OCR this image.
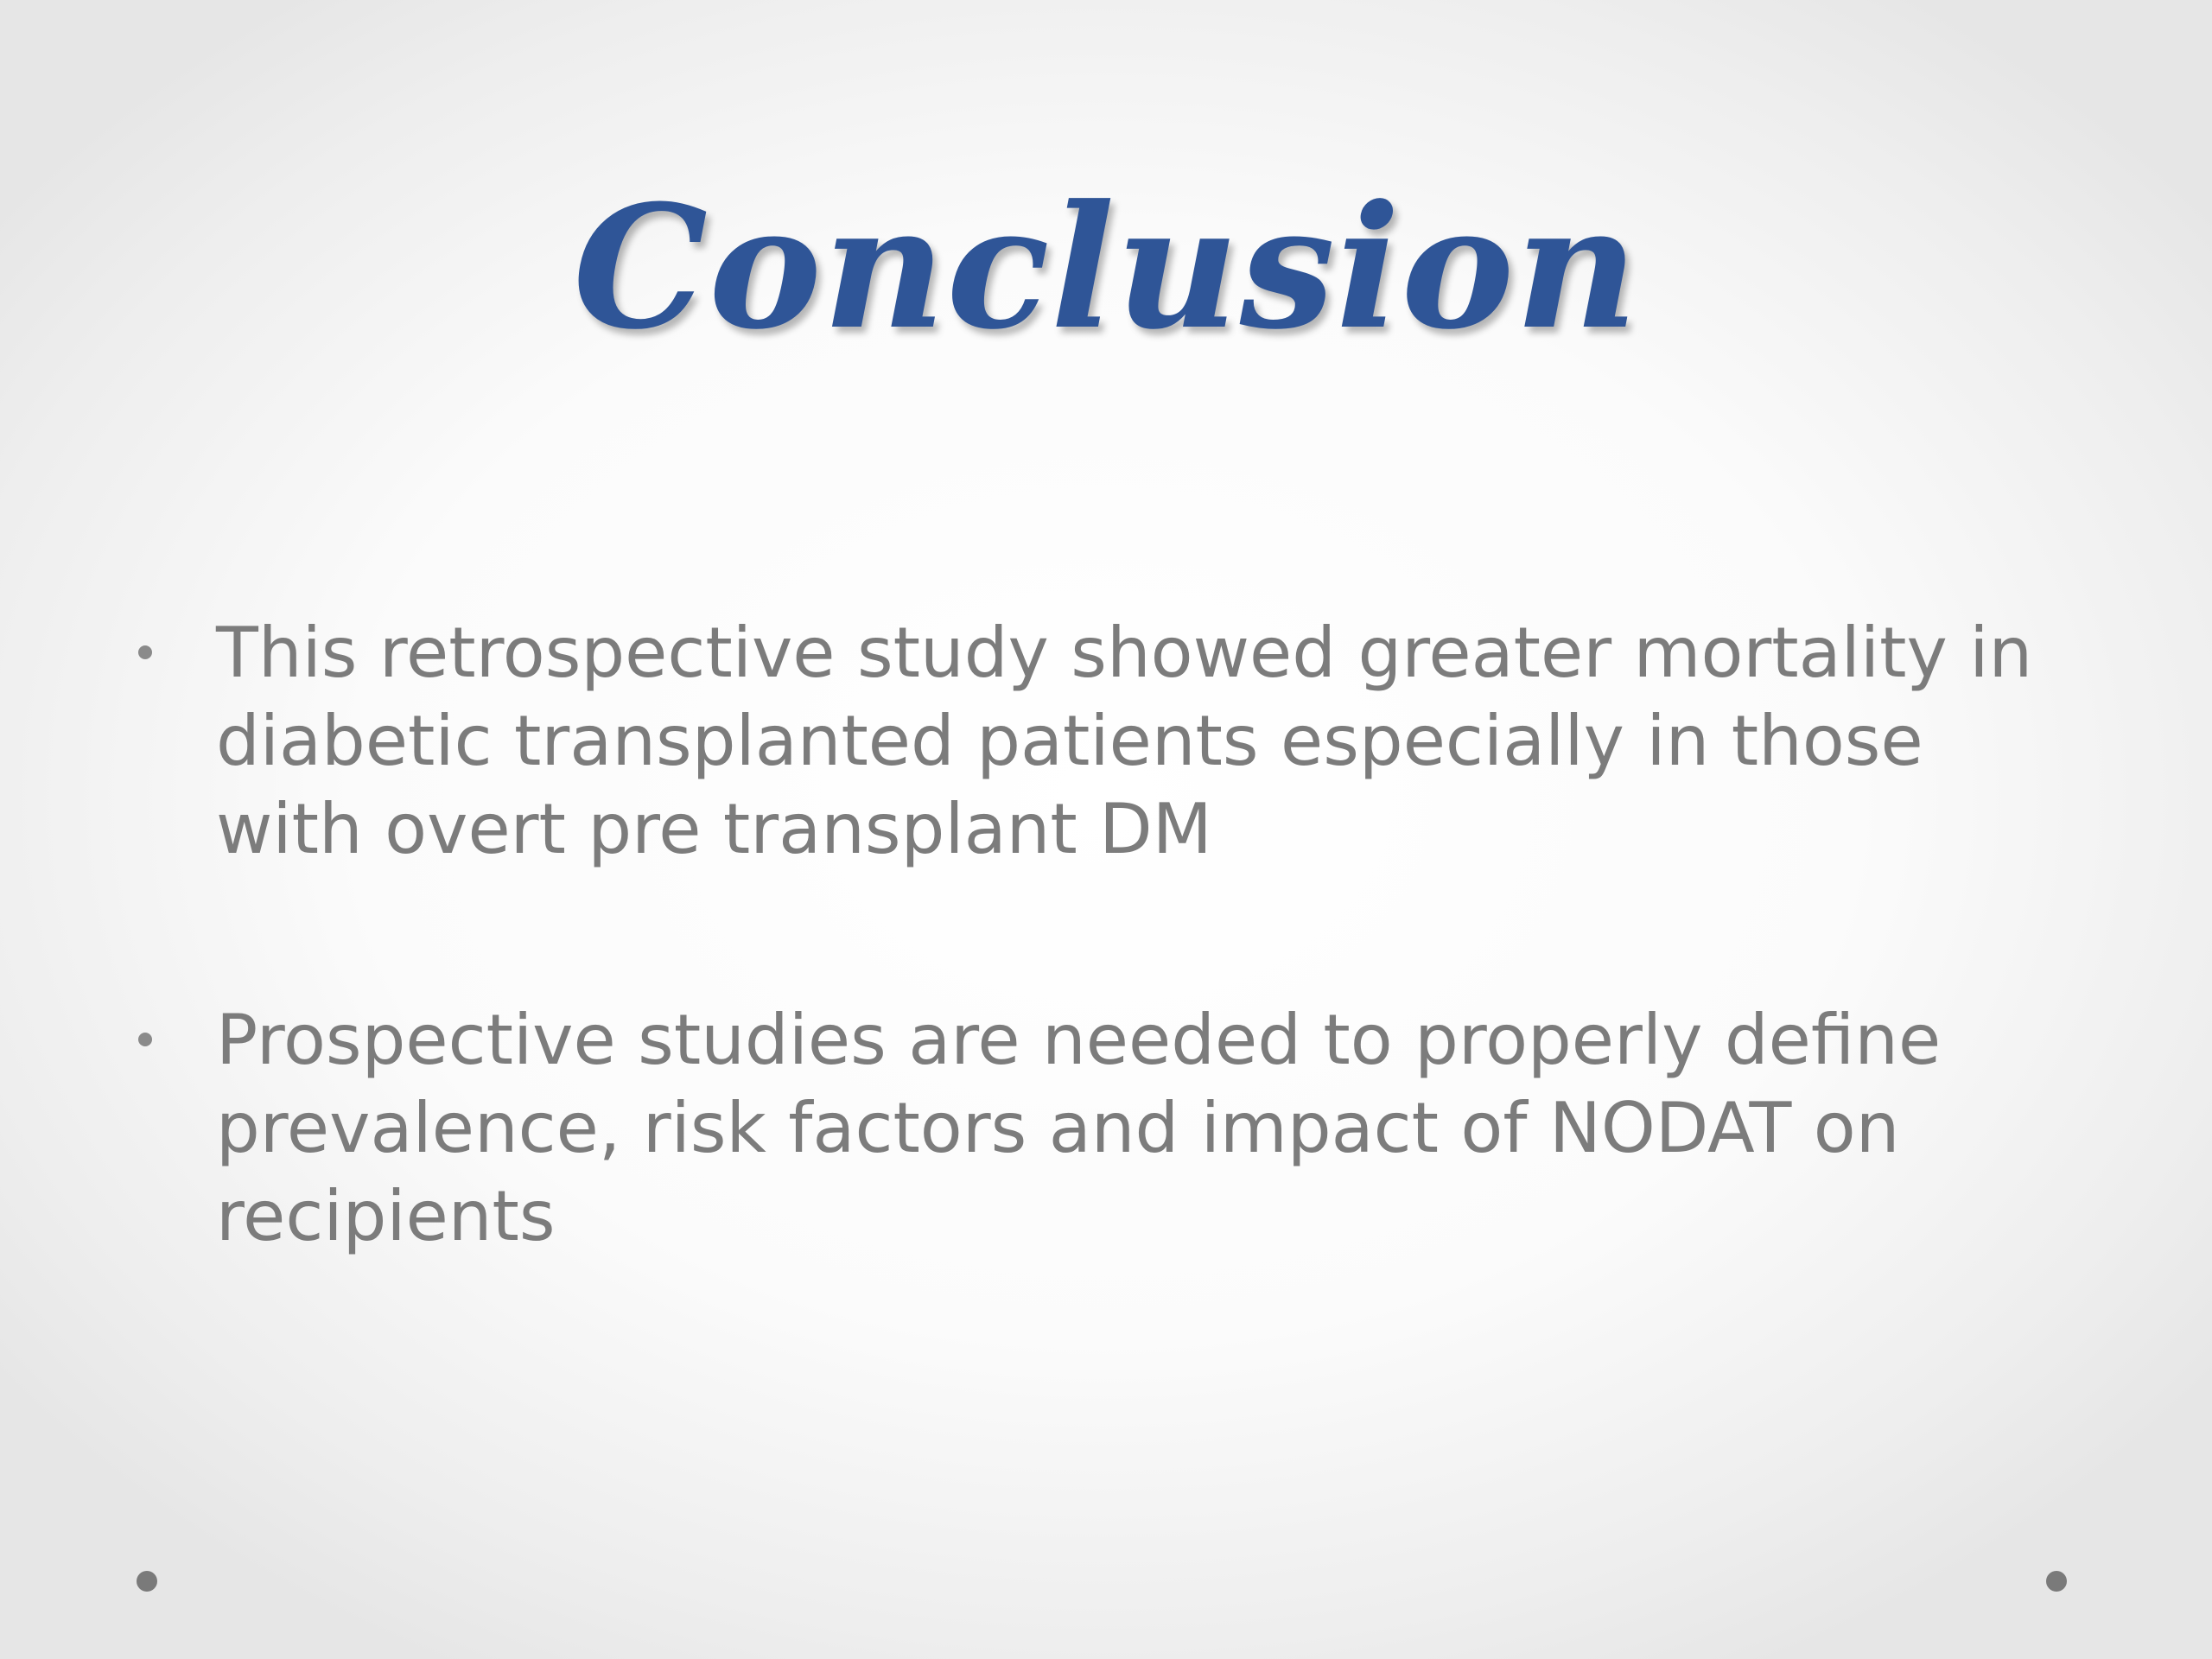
Conclusion
This retrospective study showed greater mortality in diabetic transplanted patients especially in those with overt pre transplant DM
Prospective studies are needed to properly define prevalence, risk factors and impact of NODAT on recipients
